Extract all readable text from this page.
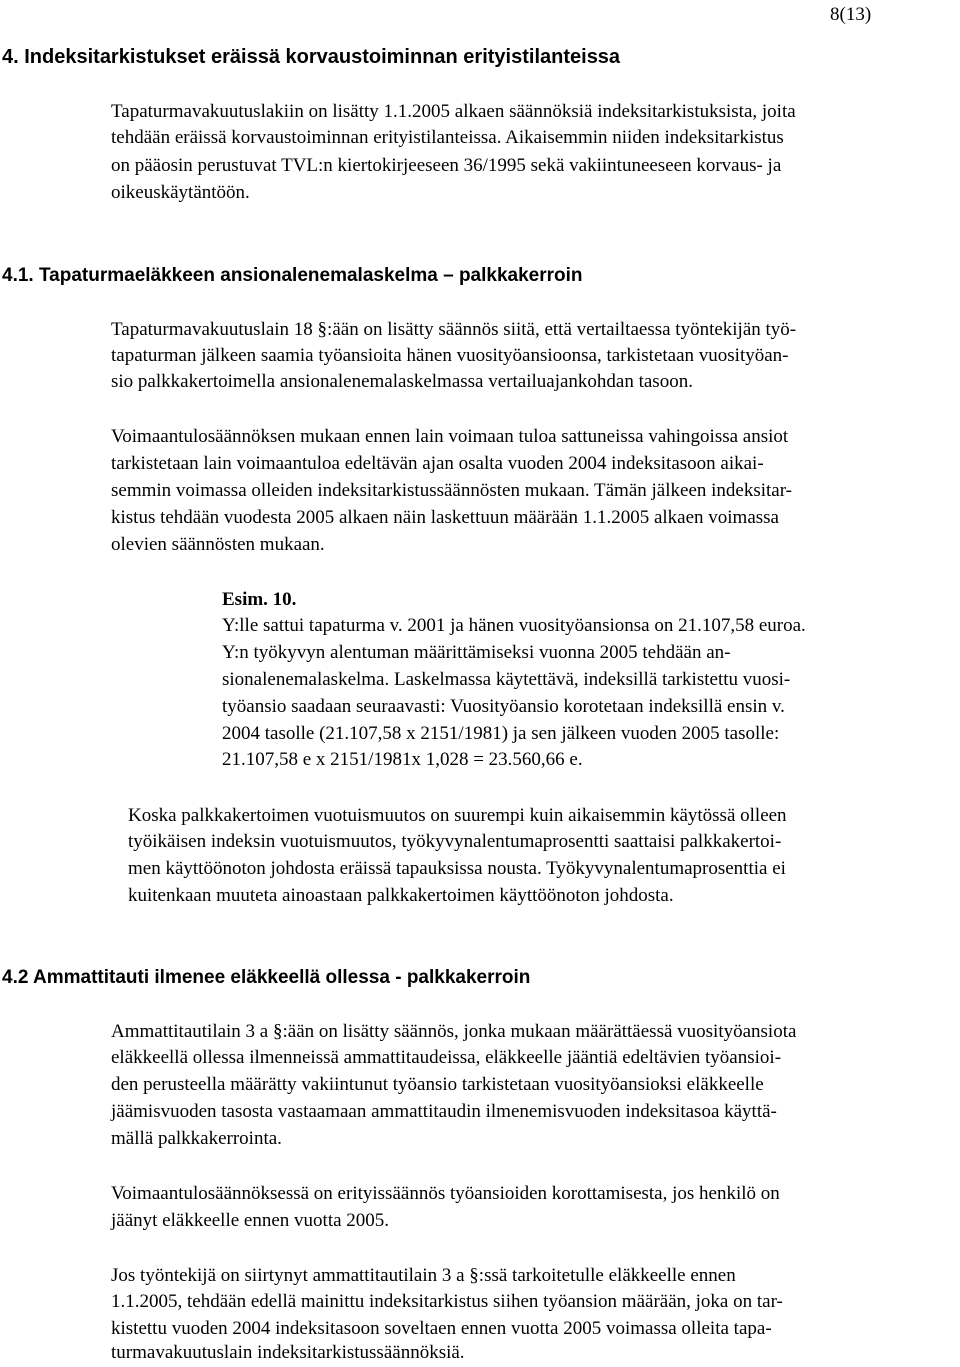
8(13)

4. Indeksitarkistukset eräissä korvaustoiminnan erityistilanteissa

Tapaturmavakuutuslakiin on lisätty 1.1.2005 alkaen säännöksiä indeksitarkistuksista, joita

tehdään eräissä korvaustoiminnan erityistilanteissa. Aikaisemmin niiden indeksitarkistus

on pääosin perustuvat TVL:n kiertokirjeeseen 36/1995 sekä vakiintuneeseen korvaus- ja

oikeuskäytäntöön.

4.1. Tapaturmaeläkkeen ansionalenemalaskelma – palkkakerroin

Tapaturmavakuutuslain 18 §:ään on lisätty säännös siitä, että vertailtaessa työntekijän työ-

tapaturman jälkeen saamia työansioita hänen vuosityöansioonsa, tarkistetaan vuosityöan-

sio palkkakertoimella ansionalenemalaskelmassa vertailuajankohdan tasoon.

Voimaantulosäännöksen mukaan ennen lain voimaan tuloa sattuneissa vahingoissa ansiot

tarkistetaan lain voimaantuloa edeltävän ajan osalta vuoden 2004 indeksitasoon aikai-

semmin voimassa olleiden indeksitarkistussäännösten mukaan. Tämän jälkeen indeksitar-

kistus tehdään vuodesta 2005 alkaen näin laskettuun määrään 1.1.2005 alkaen voimassa

olevien säännösten mukaan.

Esim. 10.

Y:lle sattui tapaturma v. 2001 ja hänen vuosityöansionsa on 21.107,58 euroa.

Y:n työkyvyn alentuman määrittämiseksi vuonna 2005 tehdään an-

sionalenemalaskelma. Laskelmassa käytettävä, indeksillä tarkistettu vuosi-

työansio saadaan seuraavasti: Vuosityöansio korotetaan indeksillä ensin v.

2004 tasolle (21.107,58 x 2151/1981) ja sen jälkeen vuoden 2005 tasolle:

21.107,58 e x 2151/1981x 1,028 = 23.560,66 e.

Koska palkkakertoimen vuotuismuutos on suurempi kuin aikaisemmin käytössä olleen

työikäisen indeksin vuotuismuutos, työkyvynalentumaprosentti saattaisi palkkakertoi-

men käyttöönoton johdosta eräissä tapauksissa nousta. Työkyvynalentumaprosenttia ei

kuitenkaan muuteta ainoastaan palkkakertoimen käyttöönoton johdosta.

4.2 Ammattitauti ilmenee eläkkeellä ollessa - palkkakerroin

Ammattitautilain 3 a §:ään on lisätty säännös, jonka mukaan määrättäessä vuosityöansiota

eläkkeellä ollessa ilmenneissä ammattitaudeissa, eläkkeelle jääntiä edeltävien työansioi-

den perusteella määrätty vakiintunut työansio tarkistetaan vuosityöansioksi eläkkeelle

jäämisvuoden tasosta vastaamaan ammattitaudin ilmenemisvuoden indeksitasoa käyttä-

mällä palkkakerrointa.

Voimaantulosäännöksessä on erityissäännös työansioiden korottamisesta, jos henkilö on

jäänyt eläkkeelle ennen vuotta 2005.

Jos työntekijä on siirtynyt ammattitautilain 3 a §:ssä tarkoitetulle eläkkeelle ennen

1.1.2005, tehdään edellä mainittu indeksitarkistus siihen työansion määrään, joka on tar-

kistettu vuoden 2004 indeksitasoon soveltaen ennen vuotta 2005 voimassa olleita tapa-

turmavakuutuslain indeksitarkistussäännöksiä.
